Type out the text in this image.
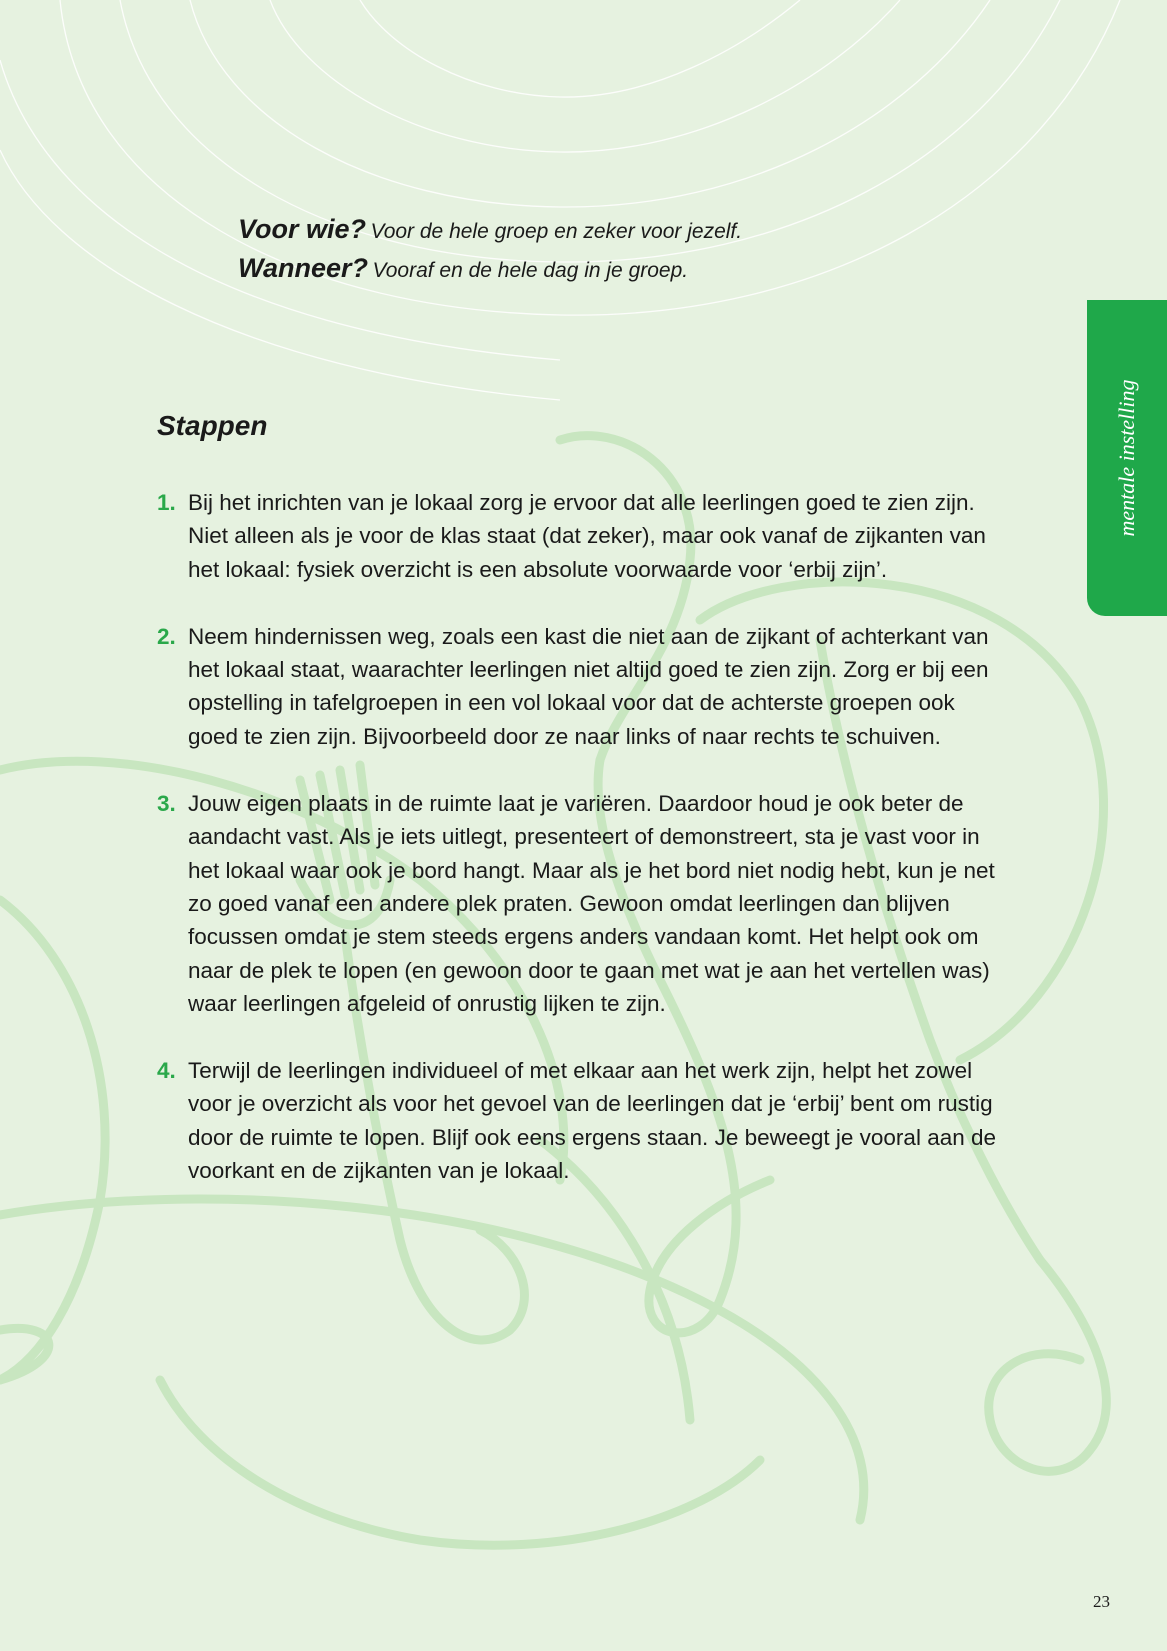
Voor wie? Voor de hele groep en zeker voor jezelf.
Wanneer? Vooraf en de hele dag in je groep.
Stappen
1. Bij het inrichten van je lokaal zorg je ervoor dat alle leerlingen goed te zien zijn. Niet alleen als je voor de klas staat (dat zeker), maar ook vanaf de zijkanten van het lokaal: fysiek overzicht is een absolute voorwaarde voor ‘erbij zijn’.
2. Neem hindernissen weg, zoals een kast die niet aan de zijkant of achterkant van het lokaal staat, waarachter leerlingen niet altijd goed te zien zijn. Zorg er bij een opstelling in tafelgroepen in een vol lokaal voor dat de achterste groepen ook goed te zien zijn. Bijvoorbeeld door ze naar links of naar rechts te schuiven.
3. Jouw eigen plaats in de ruimte laat je variëren. Daardoor houd je ook beter de aandacht vast. Als je iets uitlegt, presenteert of demonstreert, sta je vast voor in het lokaal waar ook je bord hangt. Maar als je het bord niet nodig hebt, kun je net zo goed vanaf een andere plek praten. Gewoon omdat leerlingen dan blijven focussen omdat je stem steeds ergens anders vandaan komt. Het helpt ook om naar de plek te lopen (en gewoon door te gaan met wat je aan het vertellen was) waar leerlingen afgeleid of onrustig lijken te zijn.
4. Terwijl de leerlingen individueel of met elkaar aan het werk zijn, helpt het zowel voor je overzicht als voor het gevoel van de leerlingen dat je ‘erbij’ bent om rustig door de ruimte te lopen. Blijf ook eens ergens staan. Je beweegt je vooral aan de voorkant en de zijkanten van je lokaal.
mentale instelling
23
